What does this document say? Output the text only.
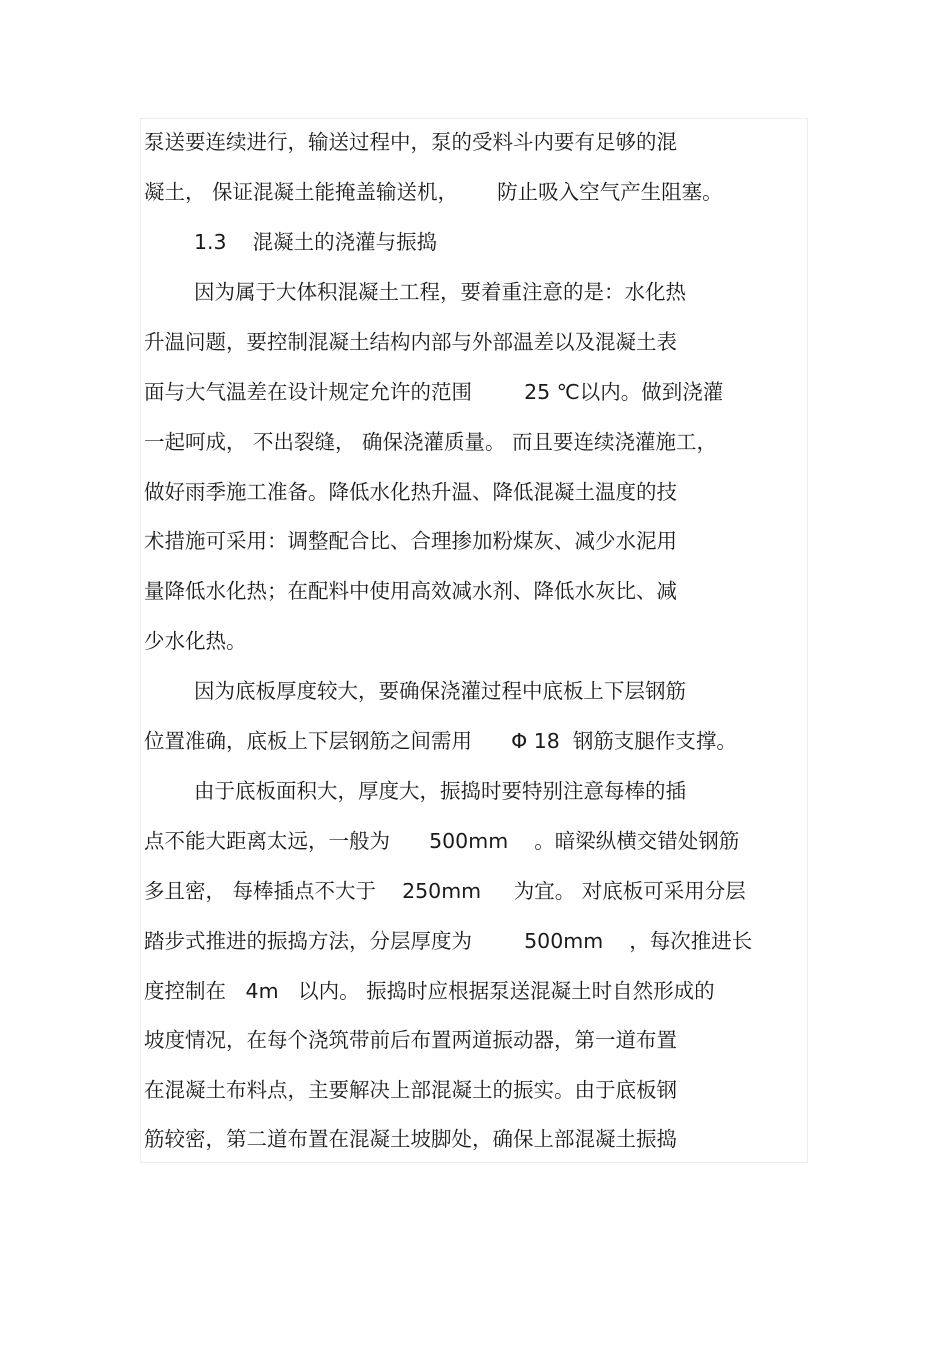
泵送要连续进行，输送过程中，泵的受料斗内要有足够的混
凝土， 保证混凝土能掩盖输送机，      防止吸入空气产生阻塞。
1.3    混凝土的浇灌与振捣
因为属于大体积混凝土工程，要着重注意的是：水化热
升温问题，要控制混凝土结构内部与外部温差以及混凝土表
面与大气温差在设计规定允许的范围        25 ℃以内。做到浇灌
一起呵成， 不出裂缝， 确保浇灌质量。 而且要连续浇灌施工，
做好雨季施工准备。降低水化热升温、降低混凝土温度的技
术措施可采用：调整配合比、合理掺加粉煤灰、减少水泥用
量降低水化热；在配料中使用高效减水剂、降低水灰比、减
少水化热。
因为底板厚度较大，要确保浇灌过程中底板上下层钢筋
位置准确，底板上下层钢筋之间需用      Φ 18  钢筋支腿作支撑。
由于底板面积大，厚度大，振捣时要特别注意每棒的插
点不能大距离太远，一般为      500mm    。暗梁纵横交错处钢筋
多且密， 每棒插点不大于    250mm     为宜。 对底板可采用分层
踏步式推进的振捣方法，分层厚度为        500mm    ，每次推进长
度控制在   4m   以内。 振捣时应根据泵送混凝土时自然形成的
坡度情况，在每个浇筑带前后布置两道振动器，第一道布置
在混凝土布料点，主要解决上部混凝土的振实。由于底板钢
筋较密，第二道布置在混凝土坡脚处，确保上部混凝土振捣
